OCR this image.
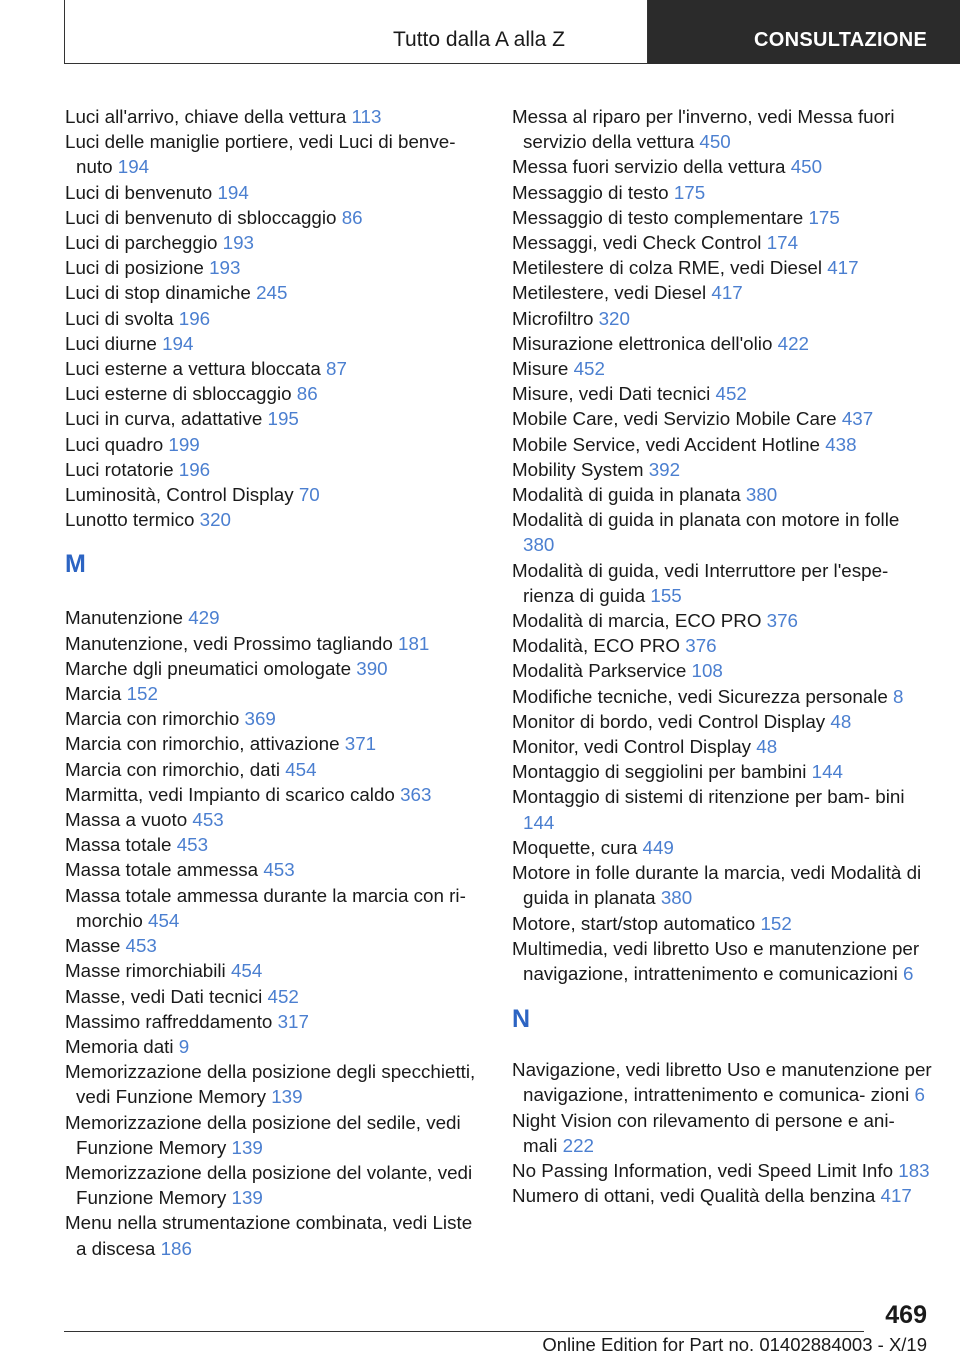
Tutto dalla A alla Z	CONSULTAZIONE
Luci all'arrivo, chiave della vettura 113
Luci delle maniglie portiere, vedi Luci di benve- nuto 194
Luci di benvenuto 194
Luci di benvenuto di sbloccaggio 86
Luci di parcheggio 193
Luci di posizione 193
Luci di stop dinamiche 245
Luci di svolta 196
Luci diurne 194
Luci esterne a vettura bloccata 87
Luci esterne di sbloccaggio 86
Luci in curva, adattative 195
Luci quadro 199
Luci rotatorie 196
Luminosità, Control Display 70
Lunotto termico 320
M
Manutenzione 429
Manutenzione, vedi Prossimo tagliando 181
Marche dgli pneumatici omologate 390
Marcia 152
Marcia con rimorchio 369
Marcia con rimorchio, attivazione 371
Marcia con rimorchio, dati 454
Marmitta, vedi Impianto di scarico caldo 363
Massa a vuoto 453
Massa totale 453
Massa totale ammessa 453
Massa totale ammessa durante la marcia con ri- morchio 454
Masse 453
Masse rimorchiabili 454
Masse, vedi Dati tecnici 452
Massimo raffreddamento 317
Memoria dati 9
Memorizzazione della posizione degli specchietti, vedi Funzione Memory 139
Memorizzazione della posizione del sedile, vedi Funzione Memory 139
Memorizzazione della posizione del volante, vedi Funzione Memory 139
Menu nella strumentazione combinata, vedi Liste a discesa 186
Messa al riparo per l'inverno, vedi Messa fuori servizio della vettura 450
Messa fuori servizio della vettura 450
Messaggio di testo 175
Messaggio di testo complementare 175
Messaggi, vedi Check Control 174
Metilestere di colza RME, vedi Diesel 417
Metilestere, vedi Diesel 417
Microfiltro 320
Misurazione elettronica dell'olio 422
Misure 452
Misure, vedi Dati tecnici 452
Mobile Care, vedi Servizio Mobile Care 437
Mobile Service, vedi Accident Hotline 438
Mobility System 392
Modalità di guida in planata 380
Modalità di guida in planata con motore in folle 380
Modalità di guida, vedi Interruttore per l'espe- rienza di guida 155
Modalità di marcia, ECO PRO 376
Modalità, ECO PRO 376
Modalità Parkservice 108
Modifiche tecniche, vedi Sicurezza personale 8
Monitor di bordo, vedi Control Display 48
Monitor, vedi Control Display 48
Montaggio di seggiolini per bambini 144
Montaggio di sistemi di ritenzione per bam- bini 144
Moquette, cura 449
Motore in folle durante la marcia, vedi Modalità di guida in planata 380
Motore, start/stop automatico 152
Multimedia, vedi libretto Uso e manutenzione per navigazione, intrattenimento e comunicazioni 6
N
Navigazione, vedi libretto Uso e manutenzione per navigazione, intrattenimento e comunica- zioni 6
Night Vision con rilevamento di persone e ani- mali 222
No Passing Information, vedi Speed Limit Info 183
Numero di ottani, vedi Qualità della benzina 417
469
Online Edition for Part no. 01402884003 - X/19
